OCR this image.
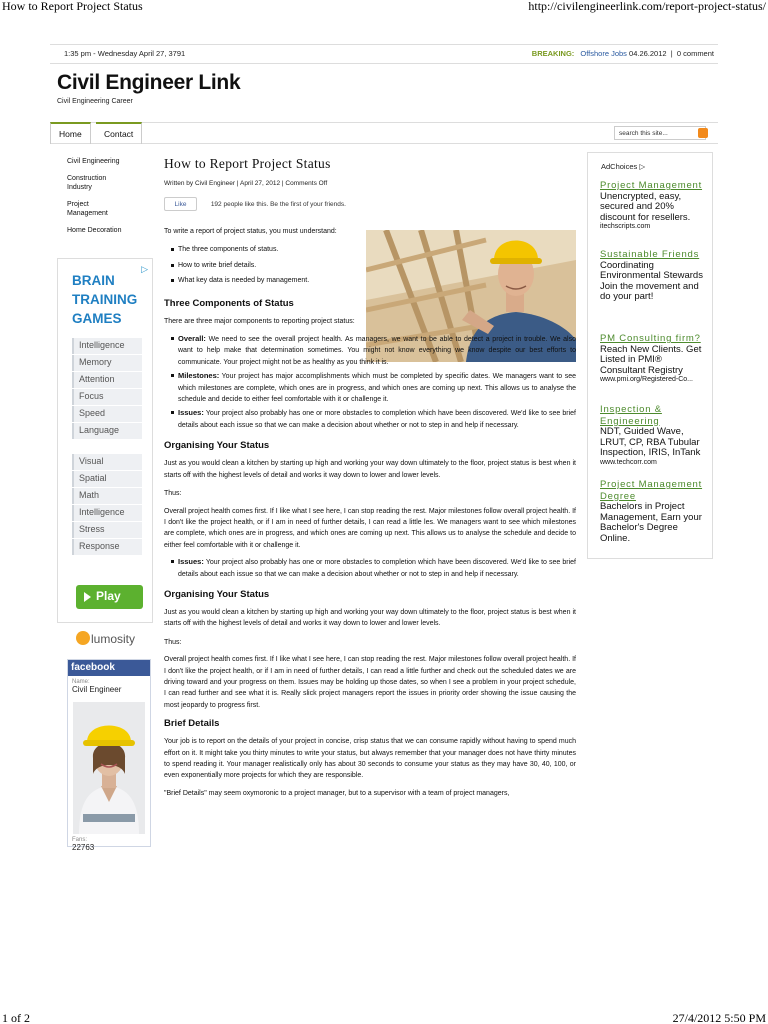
How to Report Project Status	http://civilengineerlink.com/report-project-status/
1:35 pm - Wednesday April 27, 3791	BREAKING: Offshore Jobs 04.26.2012  |  0 comment
Civil Engineer Link
Civil Engineering Career
Home	Contact	search this site...
Civil Engineering
Construction Industry
Project Management
Home Decoration
▷
BRAIN
TRAINING
GAMES
Intelligence
Memory
Attention
Focus
Speed
Language
Visual
Spatial
Math
Intelligence
Stress
Response
Play
lumosity
facebook
Name:
Civil Engineer
Fans:
22763
How to Report Project Status
Written by Civil Engineer | April 27, 2012 | Comments Off
Like	192 people like this. Be the first of your friends.
To write a report of project status, you must understand:
The three components of status.
How to write brief details.
What key data is needed by management.
Three Components of Status
There are three major components to reporting project status:
Overall: We need to see the overall project health. As managers, we want to be able to detect a project in trouble. We also want to help make that determination sometimes. You might not know everything we know despite our best efforts to communicate. Your project might not be as healthy as you think it is.
Milestones: Your project has major accomplishments which must be completed by specific dates. We managers want to see which milestones are complete, which ones are in progress, and which ones are coming up next. This allows us to analyse the schedule and decide to either feel comfortable with it or challenge it.
Issues: Your project also probably has one or more obstacles to completion which have been discovered. We'd like to see brief details about each issue so that we can make a decision about whether or not to step in and help if necessary.
Organising Your Status
Just as you would clean a kitchen by starting up high and working your way down ultimately to the floor, project status is best when it starts off with the highest levels of detail and works it way down to lower and lower levels.
Thus:
Overall project health comes first. If I like what I see here, I can stop reading the rest. Major milestones follow overall project health. If I don't like the project health, or if I am in need of further details, I can read a little les. We managers want to see which milestones are complete, which ones are in progress, and which ones are coming up next. This allows us to analyse the schedule and decide to either feel comfortable with it or challenge it.
Issues: Your project also probably has one or more obstacles to completion which have been discovered. We'd like to see brief details about each issue so that we can make a decision about whether or not to step in and help if necessary.
Organising Your Status
Just as you would clean a kitchen by starting up high and working your way down ultimately to the floor, project status is best when it starts off with the highest levels of detail and works it way down to lower and lower levels.
Thus:
Overall project health comes first. If I like what I see here, I can stop reading the rest. Major milestones follow overall project health. If I don't like the project health, or if I am in need of further details, I can read a little further and check out the scheduled dates we are driving toward and your progress on them. Issues may be holding up those dates, so when I see a problem in your project schedule, I can read further and see what it is. Really slick project managers report the issues in priority order showing the issue causing the most jeopardy to progress first.
Brief Details
Your job is to report on the details of your project in concise, crisp status that we can consume rapidly without having to spend much effort on it. It might take you thirty minutes to write your status, but always remember that your manager does not have thirty minutes to spend reading it. Your manager realistically only has about 30 seconds to consume your status as they may have 30, 40, 100, or even exponentially more projects for which they are responsible.
"Brief Details" may seem oxymoronic to a project manager, but to a supervisor with a team of project managers,
AdChoices ▷
Project Management
Unencrypted, easy, secured and 20% discount for resellers.
itechscripts.com
Sustainable Friends
Coordinating Environmental Stewards Join the movement and do your part!
PM Consulting firm?
Reach New Clients. Get Listed in PMI® Consultant Registry
www.pmi.org/Registered-Co...
Inspection & Engineering
NDT, Guided Wave, LRUT, CP, RBA Tubular Inspection, IRIS, InTank
www.techcorr.com
Project Management Degree
Bachelors in Project Management, Earn your Bachelor's Degree Online.
1 of 2	27/4/2012 5:50 PM
